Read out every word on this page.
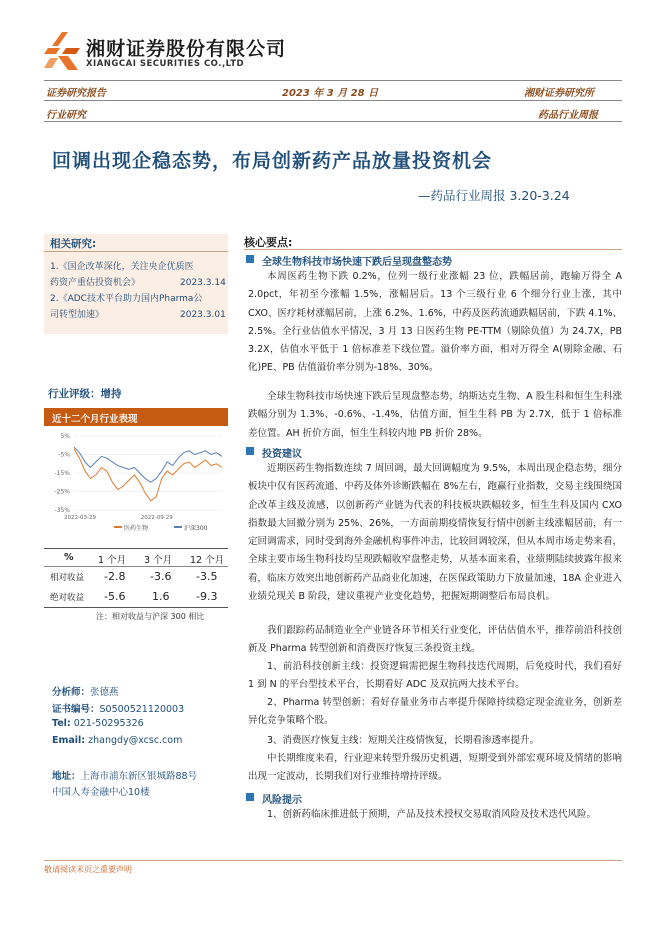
湘财证券股份有限公司
XIANGCAI SECURITIES CO.,LTD
证券研究报告	2023 年 3 月 28 日	湘财证券研究所
行业研究	药品行业周报
回调出现企稳态势，布局创新药产品放量投资机会
—药品行业周报 3.20-3.24
相关研究:
1.《国企改革深化，关注央企优质医
药资产重估投资机会》	2023.3.14
2.《ADC技术平台助力国内Pharma公
司转型加速》	2023.3.01
行业评级：增持
近十二个月行业表现
5%
-5%
-15%
-25%
-35%
2022-03-29	2022-09-29
医药生物	沪深300
%	1 个月 3 个月 12 个月
相对收益 -2.8 -3.6 -3.5
绝对收益 -5.6 1.6 -9.3
注：相对收益与沪深 300 相比
分析师：张德燕
证书编号：S0500521120003
Tel: 021-50295326
Email: zhangdy@xcsc.com
地址：上海市浦东新区银城路88号
中国人寿金融中心10楼
核心要点:
全球生物科技市场快速下跌后呈现盘整态势
本周医药生物下跌 0.2%，位列一级行业涨幅 23 位，跌幅居前，跑输万得全 A 2.0pct，年初至今涨幅 1.5%，涨幅居后。13 个三级行业 6 个细分行业上涨，其中 CXO、医疗耗材涨幅居前，上涨 6.2%、1.6%，中药及医药流通跌幅居前，下跌 4.1%、2.5%。全行业估值水平情况，3 月 13 日医药生物 PE-TTM（剔除负值）为 24.7X，PB 3.2X，估值水平低于 1 倍标准差下线位置。溢价率方面，相对万得全 A(剔除金融、石化)PE、PB 估值溢价率分别为-18%、30%。
全球生物科技市场快速下跌后呈现盘整态势，纳斯达克生物、A 股生科和恒生生科涨跌幅分别为 1.3%、-0.6%、-1.4%，估值方面，恒生生科 PB 为 2.7X，低于 1 倍标准差位置。AH 折价方面，恒生生科较内地 PB 折价 28%。
投资建议
近期医药生物指数连续 7 周回调，最大回调幅度为 9.5%，本周出现企稳态势，细分板块中仅有医药流通、中药及体外诊断跌幅在 8%左右，跑赢行业指数，交易主线围绕国企改革主线及流感，以创新药产业链为代表的科技板块跌幅较多，恒生生科及国内 CXO 指数最大回撤分别为 25%、26%，一方面前期疫情恢复行情中创新主线涨幅居前，有一定回调需求，同时受到海外金融机构事件冲击，比较回调较深，但从本周市场走势来看，全球主要市场生物科技均呈现跌幅收窄盘整走势，从基本面来看，业绩期陆续披露年报来看，临床方效突出地创新药产品商业化加速，在医保政策助力下放量加速，18A 企业进入业绩兑现关 B 阶段，建议重视产业变化趋势，把握短期调整后布局良机。
我们跟踪药品制造业全产业链各环节相关行业变化，评估估值水平，推荐前沿科技创新及 Pharma 转型创新和消费医疗恢复三条投资主线。
1、前沿科技创新主线：投资逻辑需把握生物科技迭代周期，后免疫时代，我们看好 1 到 N 的平台型技术平台，长期看好 ADC 及双抗两大技术平台。
2、Pharma 转型创新：看好存量业务市占率提升保障持续稳定现金流业务，创新差异化竞争策略个股。
3、消费医疗恢复主线：短期关注疫情恢复，长期看渗透率提升。
中长期维度来看，行业迎来转型升级历史机遇，短期受到外部宏观环境及情绪的影响出现一定波动，长期我们对行业维持增持评级。
风险提示
1、创新药临床推进低于预期，产品及技术授权交易取消风险及技术迭代风险。
敬请阅读末页之重要声明
